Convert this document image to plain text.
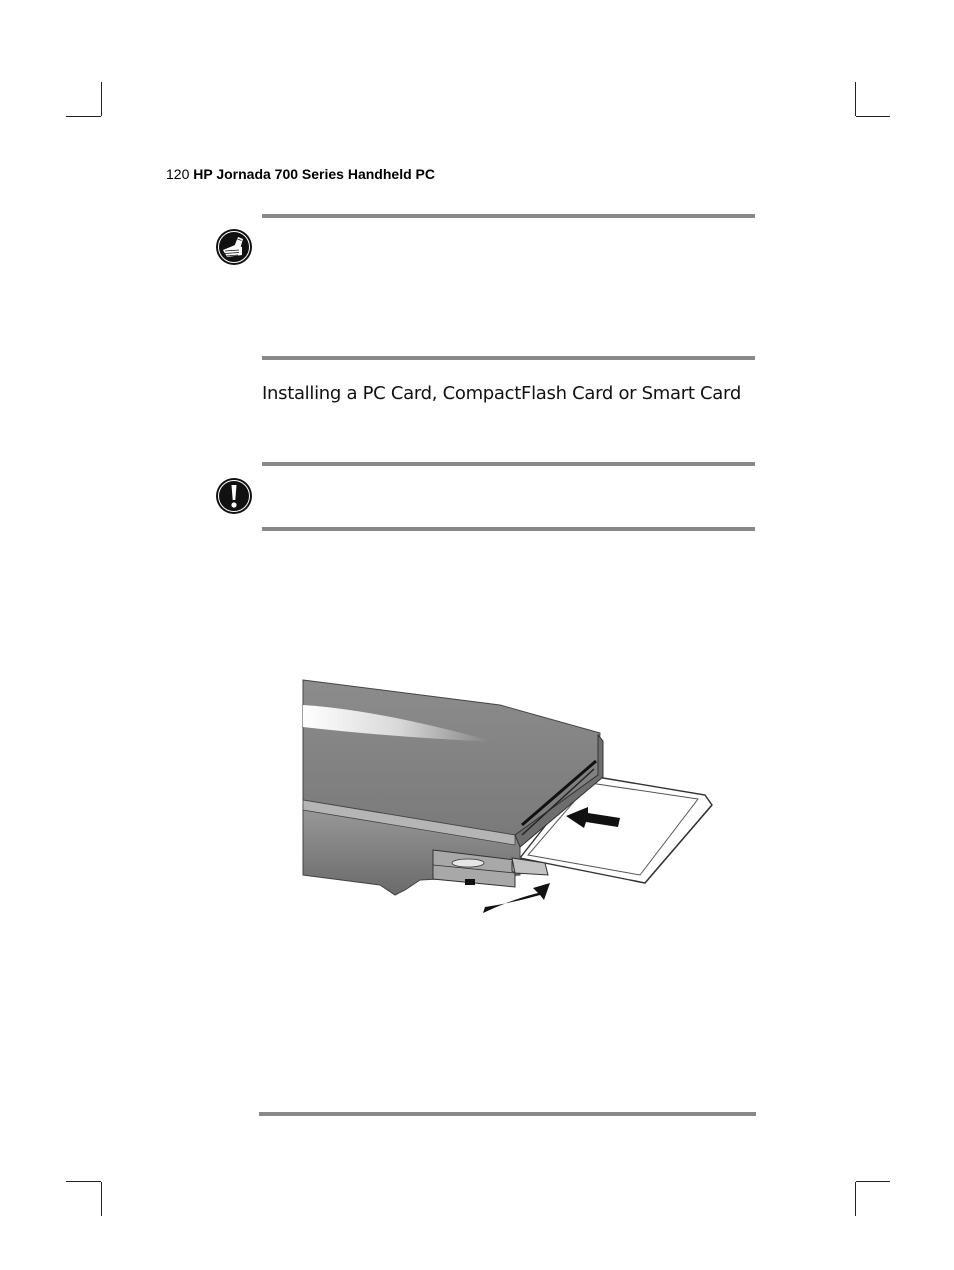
120 HP Jornada 700 Series Handheld PC
Installing a PC Card, CompactFlash Card or Smart Card
